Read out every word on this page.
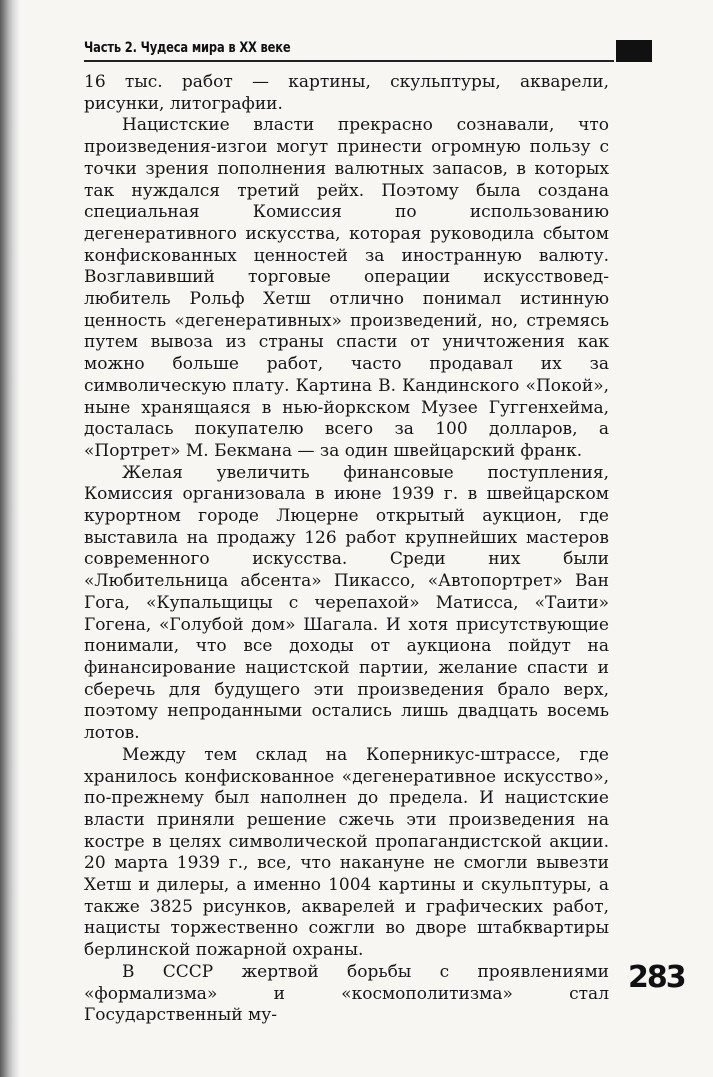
Часть 2. Чудеса мира в XX веке

16 тыс. работ — картины, скульптуры, акварели, рисунки, литографии.

Нацистские власти прекрасно сознавали, что произведения-изгои могут принести огромную пользу с точки зрения пополнения валютных запасов, в которых так нуждался третий рейх. Поэтому была создана специальная Комиссия по использованию дегенеративного искусства, которая руководила сбытом конфискованных ценностей за иностранную валюту. Возглавивший торговые операции искусствовед-любитель Рольф Хетш отлично понимал истинную ценность «дегенеративных» произведений, но, стремясь путем вывоза из страны спасти от уничтожения как можно больше работ, часто продавал их за символическую плату. Картина В. Кандинского «Покой», ныне хранящаяся в нью-йоркском Музее Гуггенхейма, досталась покупателю всего за 100 долларов, а «Портрет» М. Бекмана — за один швейцарский франк.

Желая увеличить финансовые поступления, Комиссия организовала в июне 1939 г. в швейцарском курортном городе Люцерне открытый аукцион, где выставила на продажу 126 работ крупнейших мастеров современного искусства. Среди них были «Любительница абсента» Пикассо, «Автопортрет» Ван Гога, «Купальщицы с черепахой» Матисса, «Таити» Гогена, «Голубой дом» Шагала. И хотя присутствующие понимали, что все доходы от аукциона пойдут на финансирование нацистской партии, желание спасти и сберечь для будущего эти произведения брало верх, поэтому непроданными остались лишь двадцать восемь лотов.

Между тем склад на Коперникус-штрассе, где хранилось конфискованное «дегенеративное искусство», по-прежнему был наполнен до предела. И нацистские власти приняли решение сжечь эти произведения на костре в целях символической пропагандистской акции. 20 марта 1939 г., все, что накануне не смогли вывезти Хетш и дилеры, а именно 1004 картины и скульптуры, а также 3825 рисунков, акварелей и графических работ, нацисты торжественно сожгли во дворе штабквартиры берлинской пожарной охраны.

В СССР жертвой борьбы с проявлениями «формализма» и «космополитизма» стал Государственный му-

283
